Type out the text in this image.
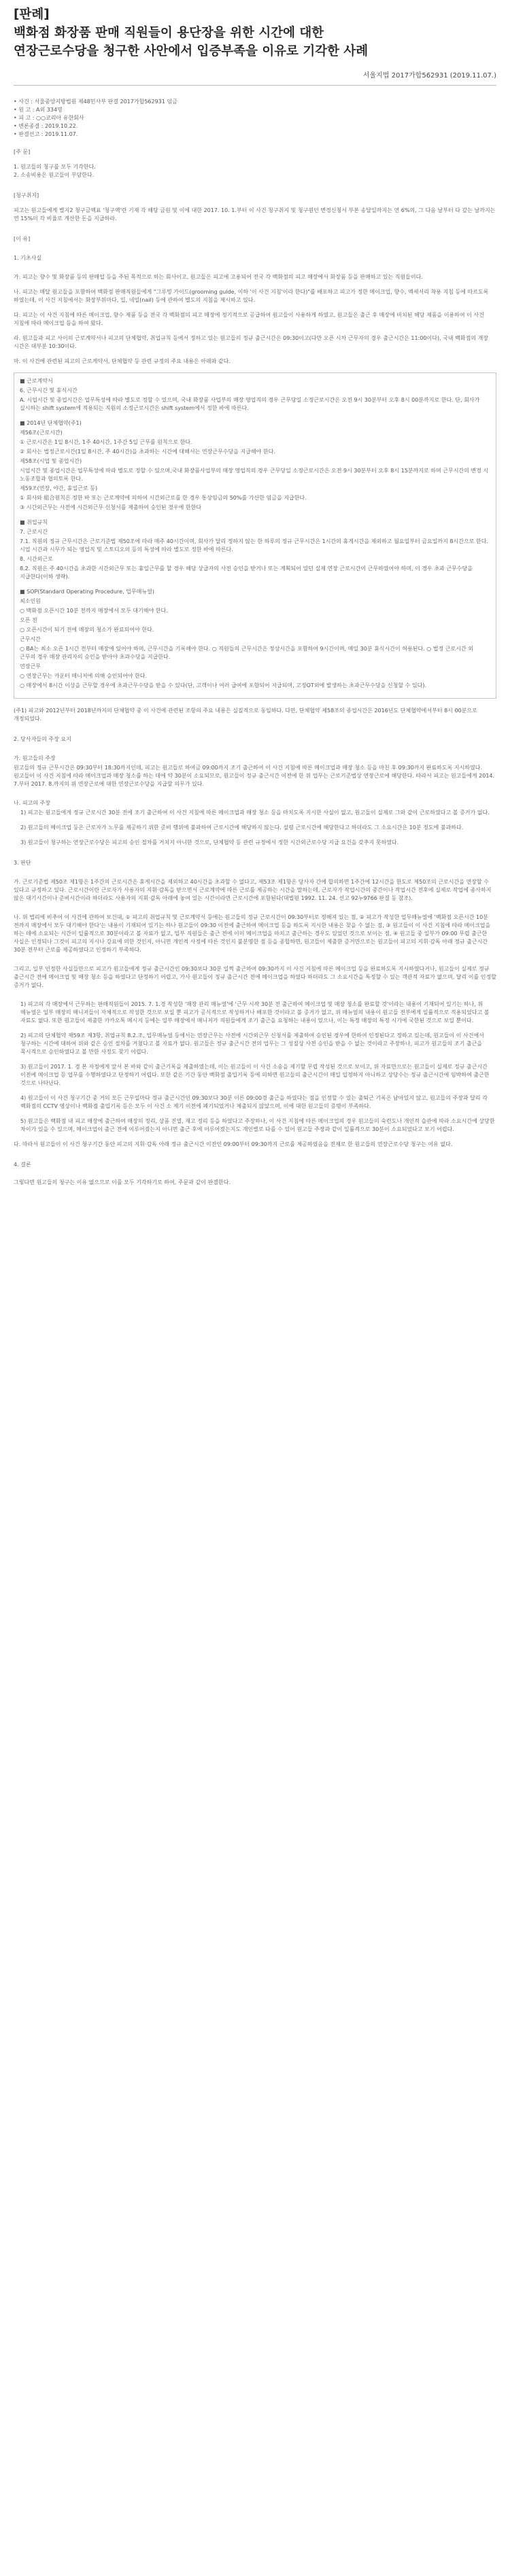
[판례]
백화점 화장품 판매 직원들이 용단장을 위한 시간에 대한
연장근로수당을 청구한 사안에서 입증부족을 이유로 기각한 사례

서울지법 2017가합562931 (2019.11.07.)

• 사건 : 서울중앙지방법원 제48민사부 판결 2017가합562931 임금
• 원 고 : A외 334명
• 피 고 : ○○코리아 유한회사
• 변론종결 : 2019.10.22.
• 판결선고 : 2019.11.07.

[주 문]

1. 원고들의 청구를 모두 기각한다.
2. 소송비용은 원고들이 부담한다.

[청구취지]

피고는 원고들에게 별지2 청구금액표 '청구액'란 기재 각 해당 금원 및 이에 대한 2017. 10. 1.부터 이 사건 청구취지 및 청구원인 변경신청서 부본 송달일까지는 연 6%의, 그 다음 날부터 다 갚는 날까지는 연 15%의 각 비율로 계산한 돈을 지급하라.

[이 유]

1. 기초사실

가. 피고는 향수 및 화장품 등의 판매업 등을 주된 목적으로 하는 회사이고, 원고들은 피고에 고용되어 전국 각 백화점의 피고 매장에서 화장품 등을 판매하고 있는 직원들이다.

나. 피고는 매달 원고들을 포함하여 백화점 판매직원들에게 "그루밍 가이드(grooming guide, 이하 '이 사건 지침'이라 한다)"를 배포하고 피고가 정한 메이크업, 향수, 액세서리 착용 지침 등에 따르도록 하였는데, 이 사건 지침에서는 화장부위마다, 입, 네일(nail) 등에 관하여 별도의 지침을 제시하고 있다.

다. 피고는 이 사건 지침에 따른 메이크업, 향수 제품 등을 전국 각 백화점의 피고 매장에 정기적으로 공급하여 원고들이 사용하게 하였고, 원고들은 출근 후 매장에 비치된 해당 제품을 이용하여 이 사건 지침에 따라 메이크업 등을 하여 왔다.

라. 원고들과 피고 사이의 근로계약서나 피고의 단체협약, 취업규칙 등에서 정하고 있는 원고들의 정규 출근시간은 09:30이고(다만 오픈 시차 근무자의 경우 출근시간은 11:00이다), 국내 백화점의 개장 시간은 대부분 10:30이다.

마. 이 사건에 관련된 피고의 근로계약서, 단체협약 등 관련 규정의 주요 내용은 아래와 같다.

■ 근로계약서
6. 근무시간 및 휴식시간
A. 시업시간 및 종업시간은 업무특성에 따라 별도로 정할 수 있으며, 국내 화장품 사업부의 매장 영업직의 경우 근무당일 소정근로시간은 오전 9시 30분부터 오후 8시 00분까지로 한다. 단, 회사가 실시하는 shift system에 적용되는 직원의 소정근로시간은 shift system에서 정한 바에 따른다.
■ 2014년 단체협약(주1)
제56조(근로시간)
① 근로시간은 1일 8시간, 1주 40시간, 1주간 5일 근무를 원칙으로 한다.
② 회사는 법정근로시간(1일 8시간, 주 40시간)을 초과하는 시간에 대해서는 연장근무수당을 지급해야 한다.
제58조(시업 및 종업시간)
시업시간 및 종업시간은 업무특성에 따라 별도로 정할 수 있으며,국내 화장품사업부의 매장 영업직의 경우 근무당일 소정근로시간은 오전 9시 30분부터 오후 8시 15분까지로 하며 근무시간의 변경 시 노동조합과 협의토록 한다.
제59조(연장, 야간, 휴일근로 등)
① 회사와 組合원칙은 정한 바 또는 근로계약에 의하여 시간외근로를 한 경우 통상임금의 50%를 가산한 임금을 지급한다.
③ 시간외근무는 사전에 시간외근무 신청서를 제출하여 승인된 경우에 한한다
■ 취업규칙
7. 근로시간
7.1. 직원의 정규 근무시간은 근로기준법 제50조에 따라 매주 40시간이며, 회사가 달리 정하지 않는 한 하루의 정규 근무시간은 1시간의 휴게시간을 제외하고 월요일부터 금요일까지 8시간으로 한다. 시업 시간과 시무가 되는 영업직 및 스토디오의 등의 특성에 따라 별도로 정한 바에 따른다.
8. 시간외근로
8.2. 직원은 주 40시간을 초과한 시간외근무 또는 휴일근무를 할 경우 해당 상급자의 사전 승인을 받거나 또는 계획되어 있던 실제 연장 근로시간이 근무하였어야 하며, 이 경우 초과 근무수당을 지급한다(이하 생략).
■ SOP(Standard Operating Procedure, 업무매뉴얼)
최소인원
○ 백화점 오픈시간 10분 전까지 매장에서 모두 대기해야 한다.
오픈 전
○ 오픈시간이 되기 전에 매장의 청소가 완료되어야 한다.
근무시간
○ BA는 최소 오픈 1시간 전부터 매장에 있어야 하며, 근무시간을 기록해야 한다. ○ 직원들의 근무시간은 정상시간을 포함하여 9시간이며, 매일 30분 휴식시간이 허용된다. ○ 법정 근로시간 외 근무의 경우 매장 관리자의 승인을 받아야 초과수당을 지급한다.
연장근무
○ 연장근무는 카운터 매니저에 의해 승인되어야 한다.
○ 매장에서 8시간 이상을 근무할 경우에 초과근무수당을 받을 수 있다(단, 고객이나 여러 급여에 포함되어 지급되며, 고정OT외에 발생하는 초과근무수당을 신청할 수 있다).

(주1) 피고와 2012년부터 2018년까지의 단체협약 중 이 사건에 관련된 조항의 주요 내용은 실질적으로 동일하다. 다만, 단체협약 제58조의 종업시간은 2016년도 단체협약에서부터 8시 00분으로 개정되었다.

2. 당사자들의 주장 요지

가. 원고들의 주장

원고들의 정규 근무시간은 09:30부터 18:30까지인데, 피고는 원고들로 하여금 09:00까지 조기 출근하여 이 사건 지침에 따른 메이크업과 매장 청소 등을 마친 후 09:30까지 완료하도록 지시하였다. 원고들이 이 사건 지침에 따라 메이크업과 매장 청소를 하는 데에 약 30분이 소요되므로, 원고들이 정규 출근시간 이전에 한 위 업무는 근로기준법상 연장근로에 해당한다. 따라서 피고는 원고들에게 2014. 7.부터 2017. 8.까지의 위 연장근로에 대한 연장근로수당을 지급할 의무가 있다.

나. 피고의 주장

1) 피고는 원고들에게 정규 근로시간 30분 전에 조기 출근하여 이 사건 지침에 따른 메이크업과 매장 청소 등을 마치도록 지시한 사실이 없고, 원고들이 실제로 그와 같이 근로하였다고 볼 증거가 없다.

2) 원고들의 메이크업 등은 근로자가 노무를 제공하기 위한 준비 행위에 불과하여 근로시간에 해당하지 않는다. 설령 근로시간에 해당한다고 하더라도 그 소요시간은 10분 정도에 불과하다.

3) 원고들이 청구하는 연장근로수당은 피고의 승인 절차를 거치지 아니한 것으로, 단체협약 등 관련 규정에서 정한 시간외근로수당 지급 요건을 갖추지 못하였다.

3. 판단

가. 근로기준법 제50조 제1항은 1주간의 근로시간은 휴게시간을 제외하고 40시간을 초과할 수 없다고, 제53조 제1항은 당사자 간에 합의하면 1주간에 12시간을 한도로 제50조의 근로시간을 연장할 수 있다고 규정하고 있다. 근로시간이란 근로자가 사용자의 지휘·감독을 받으면서 근로계약에 따른 근로를 제공하는 시간을 말하는데, 근로자가 작업시간의 중간이나 작업시간 전후에 실제로 작업에 종사하지 않은 대기시간이나 준비시간이라 하더라도 사용자의 지휘·감독 아래에 놓여 있는 시간이라면 근로시간에 포함된다(대법원 1992. 11. 24. 선고 92누9766 판결 등 참조).

나. 위 법리에 비추어 이 사건에 관하여 보건대, ① 피고의 취업규칙 및 근로계약서 등에는 원고들의 정규 근로시간이 09:30부터로 정해져 있는 점, ② 피고가 작성한 업무매뉴얼에 '백화점 오픈시간 10분 전까지 매장에서 모두 대기해야 한다'는 내용이 기재되어 있기는 하나 원고들이 09:30 이전에 출근하여 메이크업 등을 하도록 지시한 내용은 찾을 수 없는 점, ③ 원고들이 이 사건 지침에 따라 메이크업을 하는 데에 소요되는 시간이 일률적으로 30분이라고 볼 자료가 없고, 일부 직원들은 출근 전에 이미 메이크업을 마치고 출근하는 경우도 있었던 것으로 보이는 점, ④ 원고들 중 일부가 09:00 무렵 출근한 사실은 인정되나 그것이 피고의 지시나 강요에 의한 것인지, 아니면 개인적 사정에 따른 것인지 불분명한 점 등을 종합하면, 원고들이 제출한 증거만으로는 원고들이 피고의 지휘·감독 아래 정규 출근시간 30분 전부터 근로를 제공하였다고 인정하기 부족하다.

그리고, 일부 인정한 사실들만으로 피고가 원고들에게 정규 출근시간인 09:30보다 30분 일찍 출근하여 09:30까지 이 사건 지침에 따른 메이크업 등을 완료하도록 지시하였다거나, 원고들이 실제로 정규 출근시간 전에 메이크업 및 매장 청소 등을 하였다고 단정하기 어렵고, 가사 원고들이 정규 출근시간 전에 메이크업을 하였다 하더라도 그 소요시간을 특정할 수 있는 객관적 자료가 없으며, 달리 이를 인정할 증거가 없다.

1) 피고의 각 매장에서 근무하는 판매직원들이 2015. 7. 1.경 작성한 '매장 관리 매뉴얼'에 '근무 시작 30분 전 출근하여 메이크업 및 매장 청소를 완료할 것'이라는 내용이 기재되어 있기는 하나, 위 매뉴얼은 일부 매장의 매니저들이 자체적으로 작성한 것으로 보일 뿐 피고가 공식적으로 작성하거나 배포한 것이라고 볼 증거가 없고, 위 매뉴얼의 내용이 원고들 전부에게 일률적으로 적용되었다고 볼 자료도 없다. 또한 원고들이 제출한 카카오톡 메시지 등에는 일부 매장에서 매니저가 직원들에게 조기 출근을 요청하는 내용이 있으나, 이는 특정 매장의 특정 시기에 국한된 것으로 보일 뿐이다.

2) 피고의 단체협약 제59조 제3항, 취업규칙 8.2.조, 업무매뉴얼 등에서는 연장근무는 사전에 시간외근무 신청서를 제출하여 승인된 경우에 한하여 인정된다고 정하고 있는데, 원고들이 이 사건에서 청구하는 시간에 대하여 위와 같은 승인 절차를 거쳤다고 볼 자료가 없다. 원고들은 정규 출근시간 전의 업무는 그 성질상 사전 승인을 받을 수 없는 것이라고 주장하나, 피고가 원고들의 조기 출근을 묵시적으로 승인하였다고 볼 만한 사정도 찾기 어렵다.

3) 원고들이 2017. 1. 경 본 자정에게 앞서 본 바와 같이 출근기록을 제출하였는데, 이는 원고들이 이 사건 소송을 제기할 무렵 작성된 것으로 보이고, 위 자료만으로는 원고들이 실제로 정규 출근시간 이전에 메이크업 등 업무를 수행하였다고 단정하기 어렵다. 또한 같은 기간 동안 백화점 출입기록 등에 의하면 원고들의 출근시간이 매일 일정하지 아니하고 상당수는 정규 출근시간에 임박하여 출근한 것으로 나타난다.

4) 원고들이 이 사건 청구기간 중 거의 모든 근무일마다 정규 출근시간인 09:30보다 30분 이른 09:00경 출근을 하였다는 점을 인정할 수 있는 출퇴근 기록은 남아있지 않고, 원고들의 주장과 달리 각 백화점의 CCTV 영상이나 백화점 출입기록 등은 모두 이 사건 소 제기 이전에 폐기되었거나 제출되지 않았으며, 이에 대한 원고들의 증명이 부족하다.

5) 원고들은 백화점 내 피고 매장에 출근하여 매장의 정리, 상품 진열, 재고 정리 등을 하였다고 주장하나, 이 사건 지침에 따른 메이크업의 경우 원고들의 숙련도나 개인적 습관에 따라 소요시간에 상당한 차이가 있을 수 있으며, 메이크업이 출근 전에 이루어졌는지 아니면 출근 후에 이루어졌는지도 개인별로 다를 수 있어 원고들 주장과 같이 일률적으로 30분이 소요되었다고 보기 어렵다.

다. 따라서 원고들이 이 사건 청구기간 동안 피고의 지휘·감독 아래 정규 출근시간 이전인 09:00부터 09:30까지 근로를 제공하였음을 전제로 한 원고들의 연장근로수당 청구는 이유 없다.

4. 결론

그렇다면 원고들의 청구는 이유 없으므로 이를 모두 기각하기로 하여, 주문과 같이 판결한다.
